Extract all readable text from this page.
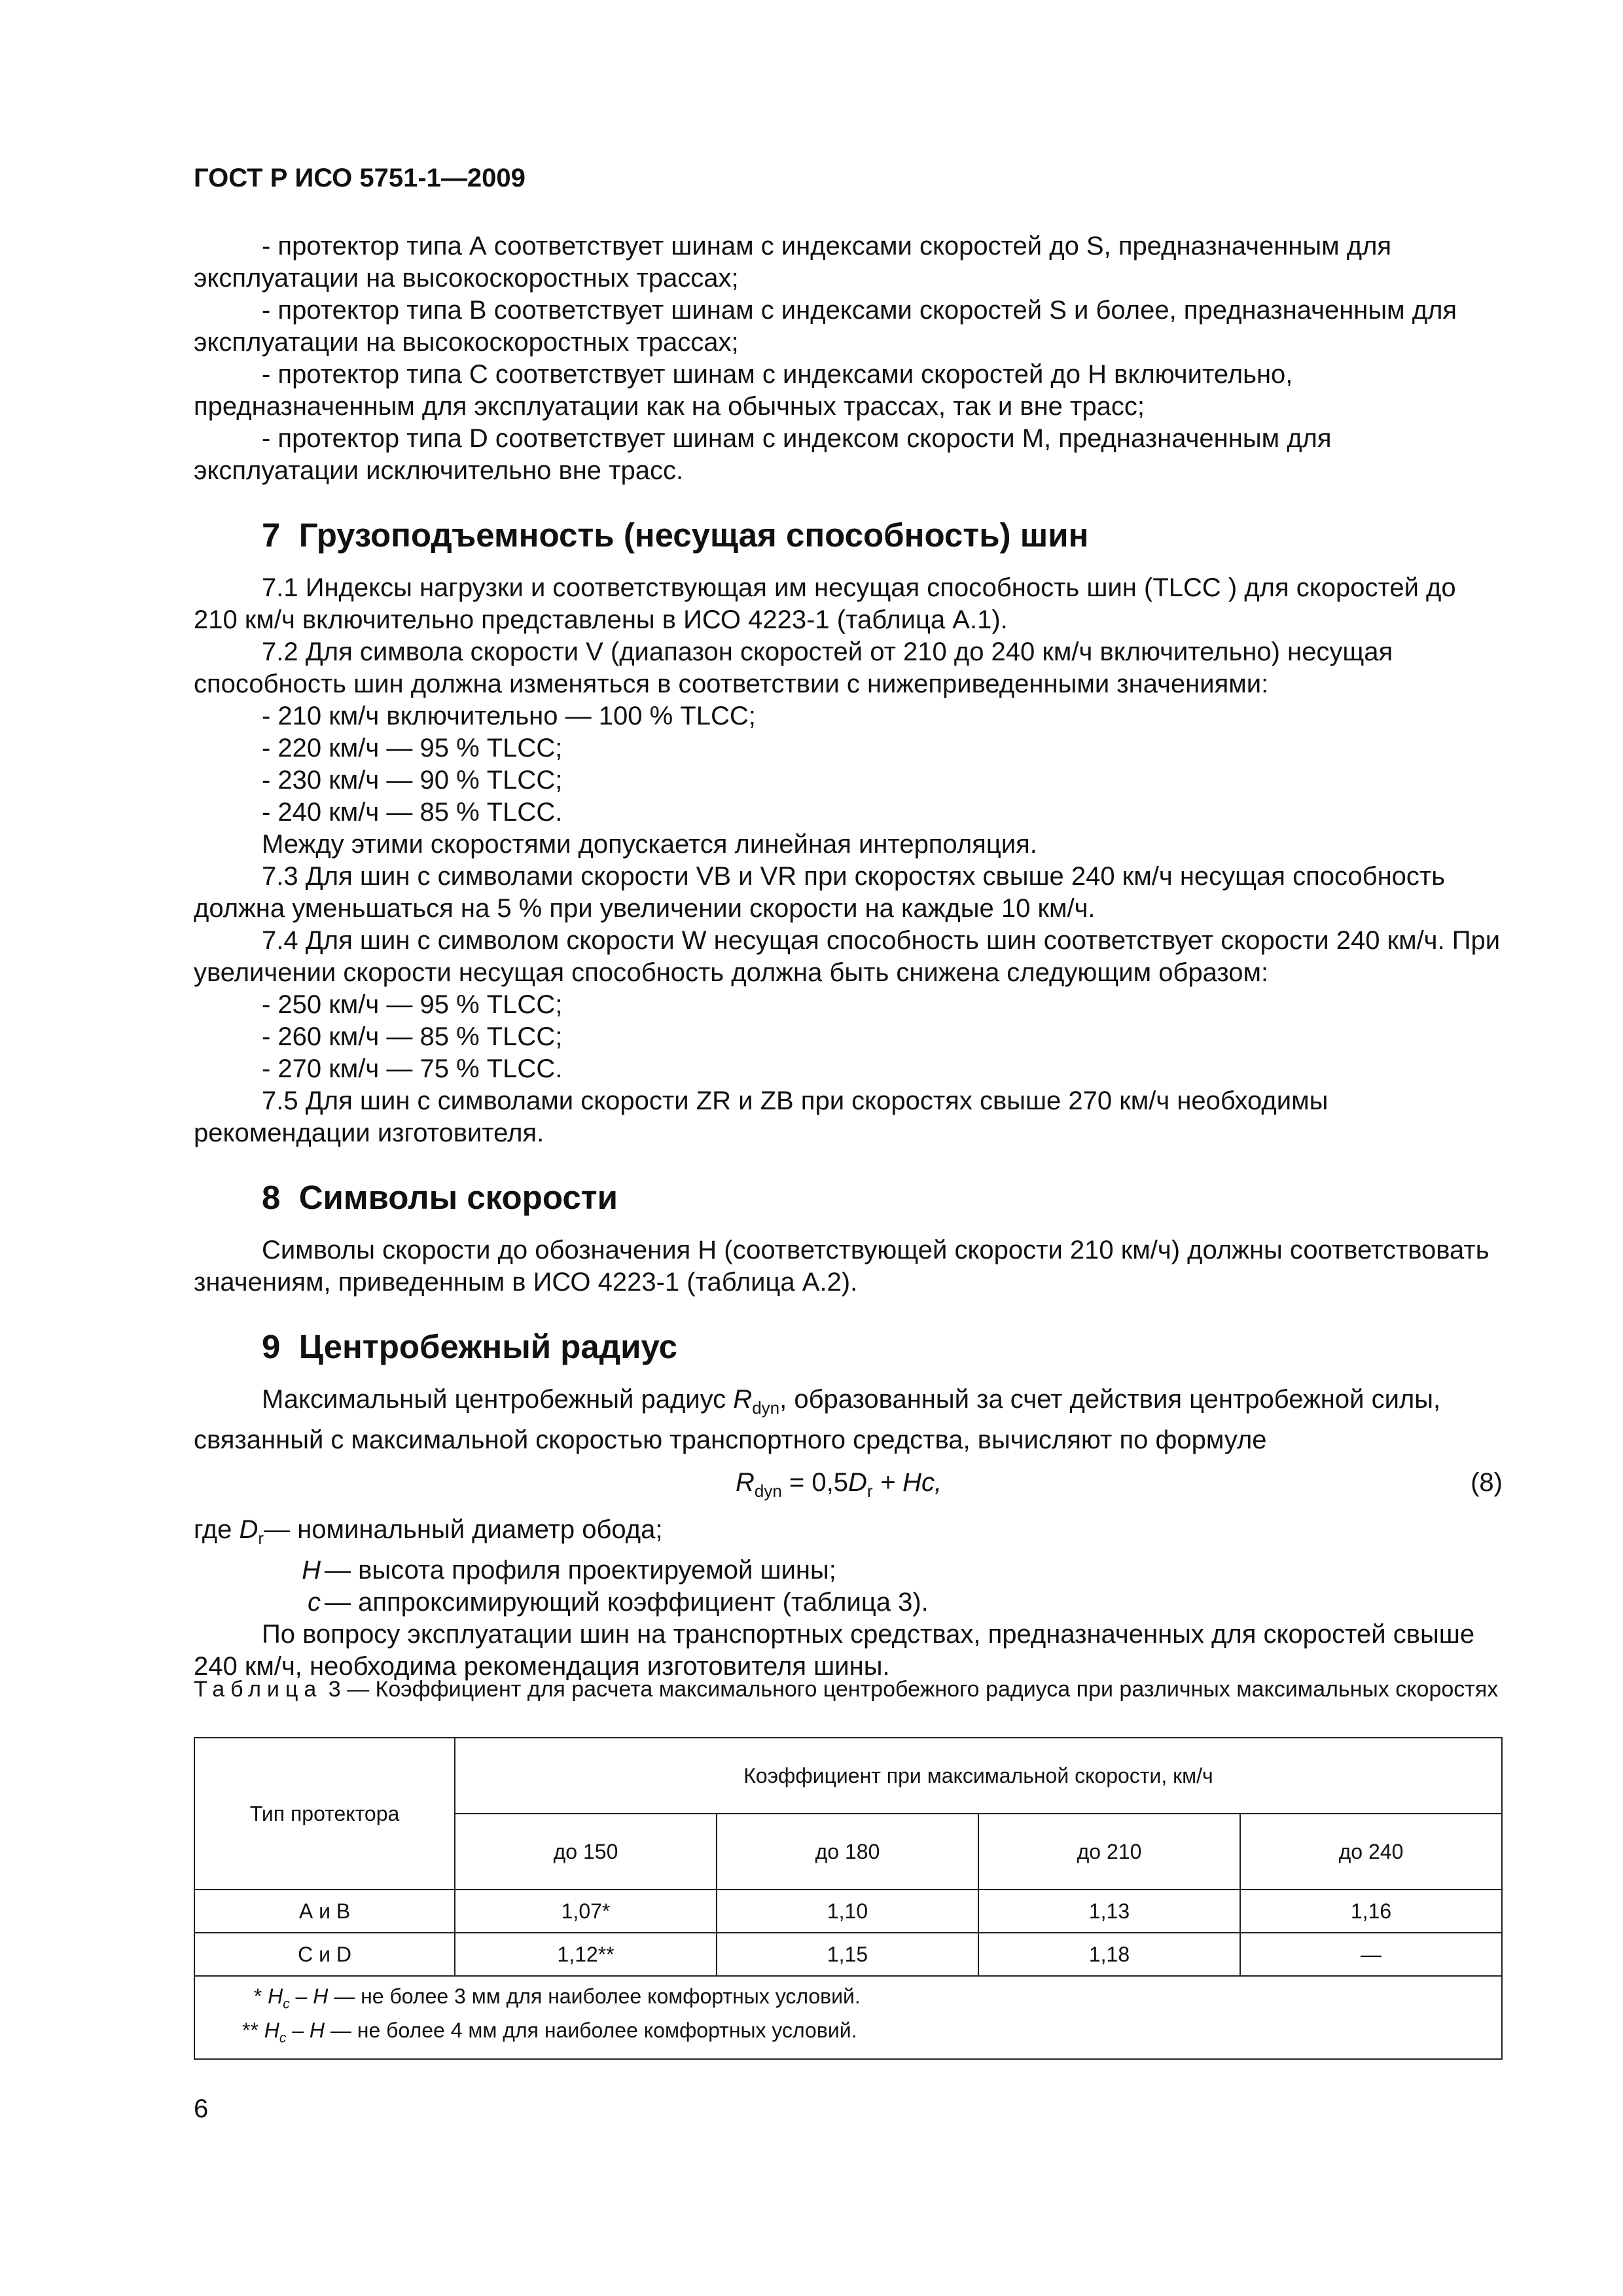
ГОСТ Р ИСО 5751-1—2009

- протектор типа А соответствует шинам с индексами скоростей до S, предназначенным для эксплуатации на высокоскоростных трассах;

- протектор типа В соответствует шинам с индексами скоростей S и более, предназначенным для эксплуатации на высокоскоростных трассах;

- протектор типа С соответствует шинам с индексами скоростей до Н включительно, предназначенным для эксплуатации как на обычных трассах, так и вне трасс;

- протектор типа D соответствует шинам с индексом скорости М, предназначенным для эксплуатации исключительно вне трасс.

7 Грузоподъемность (несущая способность) шин

7.1 Индексы нагрузки и соответствующая им несущая способность шин (TLCC ) для скоростей до 210 км/ч включительно представлены в ИСО 4223-1 (таблица А.1).

7.2 Для символа скорости V (диапазон скоростей от 210 до 240 км/ч включительно) несущая способность шин должна изменяться в соответствии с нижеприведенными значениями:

- 210 км/ч включительно — 100 % TLCC;

- 220 км/ч — 95 % TLCC;

- 230 км/ч — 90 % TLCC;

- 240 км/ч — 85 % TLCC.

Между этими скоростями допускается линейная интерполяция.

7.3 Для шин с символами скорости VB и VR при скоростях свыше 240 км/ч несущая способность должна уменьшаться на 5 % при увеличении скорости на каждые 10 км/ч.

7.4 Для шин с символом скорости W несущая способность шин соответствует скорости 240 км/ч. При увеличении скорости несущая способность должна быть снижена следующим образом:

- 250 км/ч — 95 % TLCC;

- 260 км/ч — 85 % TLCC;

- 270 км/ч — 75 % TLCC.

7.5 Для шин с символами скорости ZR и ZB при скоростях свыше 270 км/ч необходимы рекомендации изготовителя.

8 Символы скорости

Символы скорости до обозначения Н (соответствующей скорости 210 км/ч) должны соответствовать значениям, приведенным в ИСО 4223-1 (таблица А.2).

9 Центробежный радиус

Максимальный центробежный радиус $R_{dyn}$, образованный за счет действия центробежной силы, связанный с максимальной скоростью транспортного средства, вычисляют по формуле

$R_{dyn} = 0,5D_r + Hc$,	(8)
где
$D_r$ — номинальный диаметр обода;
H — высота профиля проектируемой шины;
c — аппроксимирующий коэффициент (таблица 3).

По вопросу эксплуатации шин на транспортных средствах, предназначенных для скоростей свыше 240 км/ч, необходима рекомендация изготовителя шины.

Таблица 3 — Коэффициент для расчета максимального центробежного радиуса при различных максимальных скоростях
Тип протектора	Коэффициент при максимальной скорости, км/ч			
	до 150	до 180	до 210	до 240
А и В	1,07*	1,10	1,13	1,16
С и D	1,12**	1,15	1,18	—

* $H_c$ – H — не более 3 мм для наиболее комфортных условий.
** $H_c$ – H — не более 4 мм для наиболее комфортных условий.				
6
